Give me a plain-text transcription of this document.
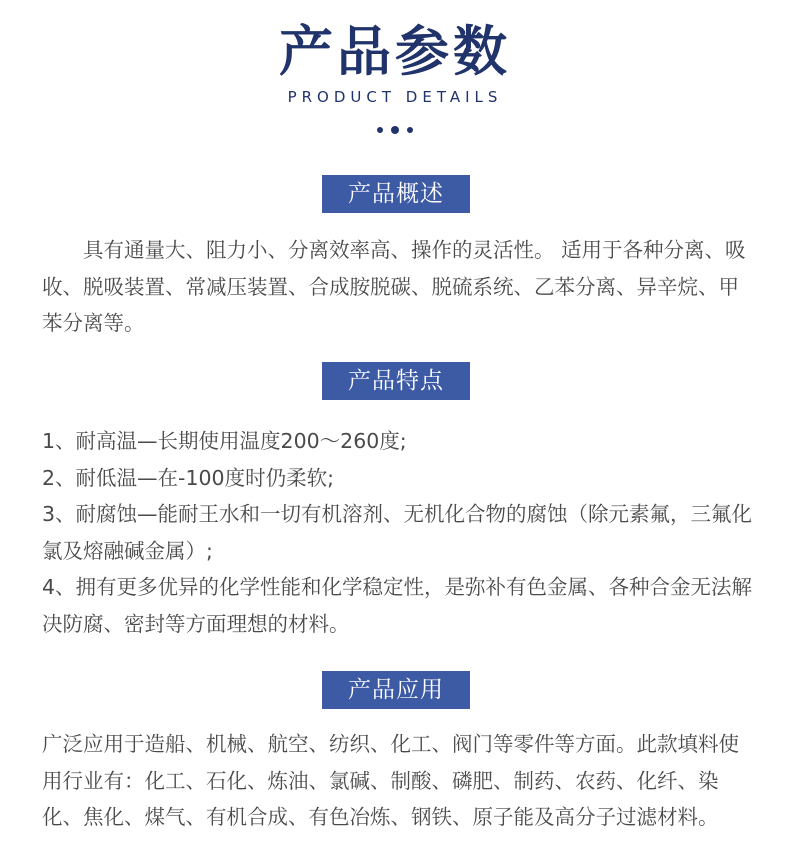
产品参数
PRODUCT DETAILS
产品概述
具有通量大、阻力小、分离效率高、操作的灵活性。 适用于各种分离、吸收、脱吸装置、常减压装置、合成胺脱碳、脱硫系统、乙苯分离、异辛烷、甲苯分离等。
产品特点

1、耐高温—长期使用温度200～260度;

2、耐低温—在-100度时仍柔软;

3、耐腐蚀—能耐王水和一切有机溶剂、无机化合物的腐蚀（除元素氟，三氟化氯及熔融碱金属）;

4、拥有更多优异的化学性能和化学稳定性，是弥补有色金属、各种合金无法解决防腐、密封等方面理想的材料。

产品应用
广泛应用于造船、机械、航空、纺织、化工、阀门等零件等方面。此款填料使用行业有：化工、石化、炼油、氯碱、制酸、磷肥、制药、农药、化纤、染化、焦化、煤气、有机合成、有色冶炼、钢铁、原子能及高分子过滤材料。
